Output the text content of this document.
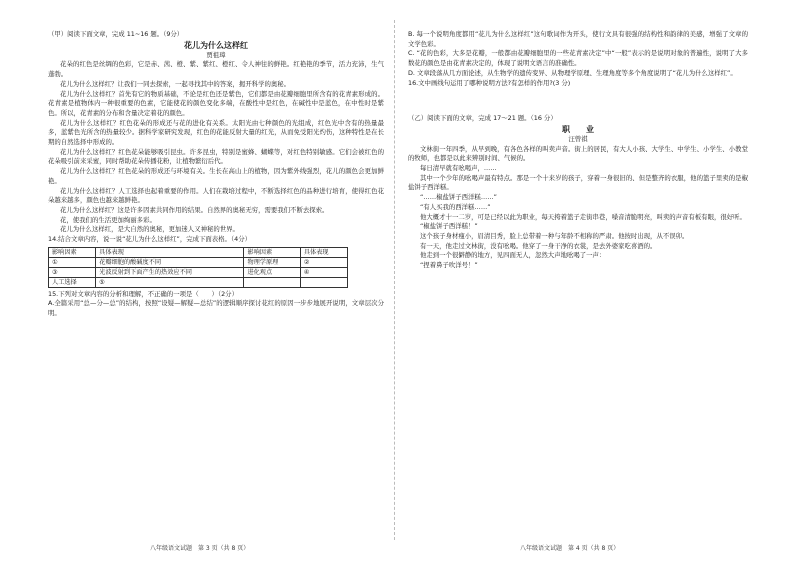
（甲）阅读下面文章，完成 11~16 题。（9分）

花儿为什么这样红

贾祖璋

花朵的红色是丝绸的色彩，它是赤、茜、橙、紫、紫红、橙红、令人神往的鲜艳。红艳艳的季节，活力充沛，生气蓬勃。

花儿为什么这样红？让我们一同去探索，一起寻找其中的答案，揭开科学的奥秘。

花儿为什么这样红？首先有它的物质基础，不论是红色还是紫色，它们都是由花瓣细胞里所含有的花青素形成的。花青素是植物体内一种很重要的色素，它能使花的颜色变化多端，在酸性中是红色，在碱性中是蓝色，在中性时是紫色。所以，花青素的分布和含量决定着花的颜色。

花儿为什么这样红？红色花朵的形成还与花的进化有关系。太阳光由七种颜色的光组成，红色光中含有的热量最多，蓝紫色光所含的热量较少。据科学家研究发现，红色的花能反射大量的红光，从而免受阳光灼伤，这种特性是在长期的自然选择中形成的。

花儿为什么这样红？红色花朵能够吸引昆虫。许多昆虫，特别是蜜蜂、蝴蝶等，对红色特别敏感。它们会被红色的花朵吸引前来采蜜，同时帮助花朵传播花粉，让植物繁衍后代。

花儿为什么这样红？红色花朵的形成还与环境有关。生长在高山上的植物，因为紫外线强烈，花儿的颜色会更加鲜艳。

花儿为什么这样红？人工选择也起着重要的作用。人们在栽培过程中，不断选择红色的品种进行培育，使得红色花朵越来越多，颜色也越来越鲜艳。

花儿为什么这样红？这是许多因素共同作用的结果。自然界的奥秘无穷，需要我们不断去探索。

花，使我们的生活更加绚丽多彩。

花儿为什么这样红，是大自然的奥秘，更加迷人又神秘的世界。

14.结合文章内容，说一说“花儿为什么这样红”，完成下面表格。（4分）

影响因素	具体表现	影响因素	具体表现
①	花瓣细胞的酸碱度不同	物理学原理	②
③	光波反射到下面产生的热效应不同	进化观点	④
人工选择	⑤		

15.下列对文章内容的分析和理解，不正确的一项是（　　）（2分）

A.全篇采用“总—分—总”的结构，按照“设疑—解疑—总结”的逻辑顺序探讨花红的原因一步步地展开说明，文章层次分明。

B. 每一个说明角度都用“花儿为什么这样红”这句歌词作为开头，使行文具有很强的结构性和韵律的美感，增强了文章的文学色彩。

C. “花的色彩，大多是花瓣，一般都由花瓣细胞里的一些花青素决定”中“一般”表示的是说明对象的普遍性，说明了大多数花的颜色是由花青素决定的，体现了说明文语言的准确性。

D. 文章段落从几方面论述，从生物学的遗传变异、从物理学原理、生理角度等多个角度说明了“花儿为什么这样红”。

16.文中画线句运用了哪种说明方法?有怎样的作用?(3 分)

（乙）阅读下面的文章，完成 17～21 题。（16 分）

职　　业

汪曾祺

文林街一年四季，从早到晚，有各色各样的叫卖声音。街上的居民，有大人小孩、大学生、中学生、小学生、小教堂的牧师，也都是以此来辨别时间、气候的。

每日清早就有吆喝声，……

其中一个少年的吆喝声最有特点。那是一个十来岁的孩子，穿着一身很旧的、但是整齐的衣服，他的篮子里卖的是椒盐饼子西洋糕。

“……椒盐饼子西洋糕……”

“有人买我的西洋糕……”

他大概才十一二岁，可是已经以此为职业，每天挎着篮子走街串巷，嗓音清脆明亮，叫卖的声音有板有眼，很好听。

“椒盐饼子西洋糕！”

这个孩子身材瘦小，眉清目秀，脸上总带着一种与年龄不相称的严肃。他按时出现，从不误卯。

有一天，他走过文林街，没有吆喝。他穿了一身干净的衣裳，是去外婆家吃喜酒的。

他走到一个很僻静的地方，见四面无人，忽然大声地吆喝了一声：

“捏着鼻子吹洋号！”

八年级语文试题　第 3 页（共 8 页）	八年级语文试题　第 4 页（共 8 页）
